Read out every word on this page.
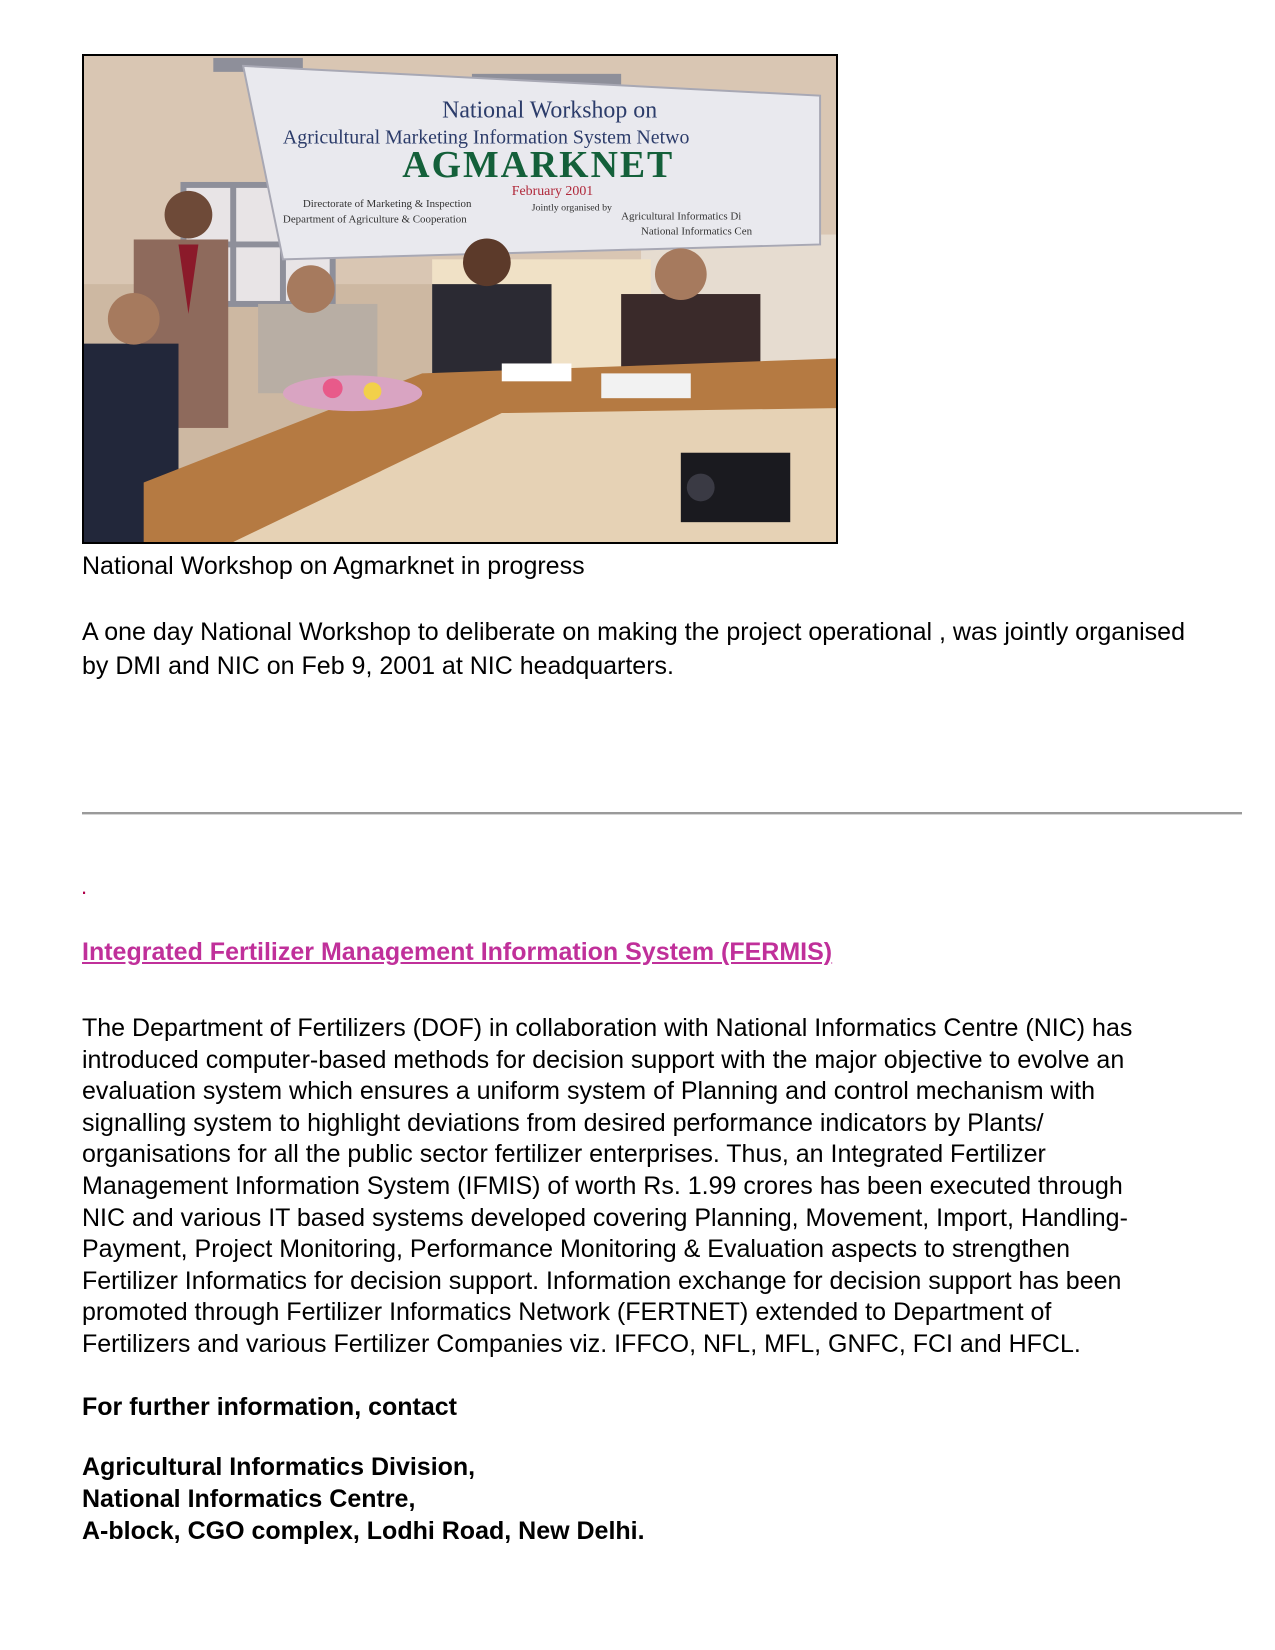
National Workshop on
Agricultural Marketing Information System Netwo
AGMARKNET
February 2001
Jointly organised by
Directorate of Marketing & Inspection
Department of Agriculture & Cooperation	Agricultural Informatics Di
National Informatics Cen
National Workshop on Agmarknet in progress
A one day National Workshop to deliberate on making the project operational , was jointly organised by DMI and NIC on Feb 9, 2001 at NIC headquarters.
.
Integrated Fertilizer Management Information System (FERMIS)
The Department of Fertilizers (DOF) in collaboration with National Informatics Centre (NIC) has
introduced computer-based methods for decision support with the major objective to evolve an
evaluation system which ensures a uniform system of Planning and control mechanism with
signalling system to highlight deviations from desired performance indicators by Plants/
organisations for all the public sector fertilizer enterprises. Thus, an Integrated Fertilizer
Management Information System (IFMIS) of worth Rs. 1.99 crores has been executed through
NIC and various IT based systems developed covering Planning, Movement, Import, Handling-
Payment, Project Monitoring, Performance Monitoring & Evaluation aspects to strengthen
Fertilizer Informatics for decision support. Information exchange for decision support has been
promoted through Fertilizer Informatics Network (FERTNET) extended to Department of
Fertilizers and various Fertilizer Companies viz. IFFCO, NFL, MFL, GNFC, FCI and HFCL.
For further information, contact
Agricultural Informatics Division,
National Informatics Centre,
A-block, CGO complex, Lodhi Road, New Delhi.
